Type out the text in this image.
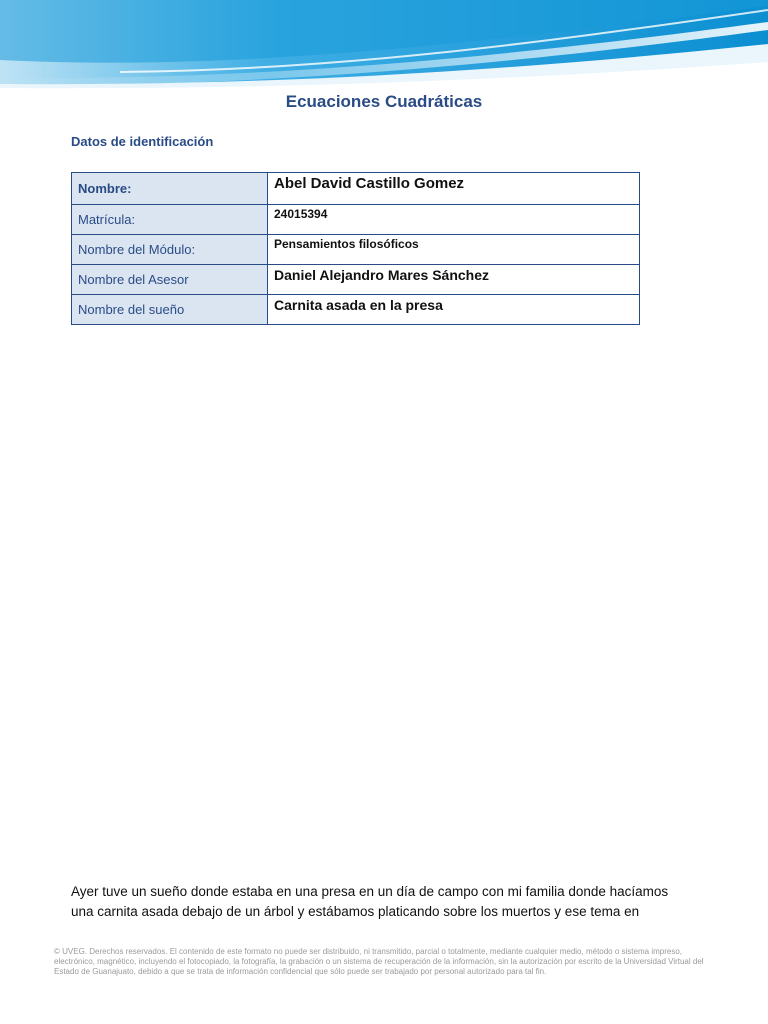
Ecuaciones Cuadráticas
Datos de identificación
Nombre:	Abel David Castillo Gomez
Matrícula:	24015394
Nombre del Módulo:	Pensamientos filosóficos
Nombre del Asesor	Daniel Alejandro Mares Sánchez
Nombre del sueño	Carnita asada en la presa
Ayer tuve un sueño donde estaba en una presa en un día de campo con mi familia donde hacíamos
una carnita asada debajo de un árbol y estábamos platicando sobre los muertos y ese tema en
© UVEG. Derechos reservados. El contenido de este formato no puede ser distribuido, ni transmitido, parcial o totalmente, mediante cualquier medio, método o sistema impreso, electrónico, magnético, incluyendo el fotocopiado, la fotografía, la grabación o un sistema de recuperación de la información, sin la autorización por escrito de la Universidad Virtual del Estado de Guanajuato, debido a que se trata de información confidencial que sólo puede ser trabajado por personal autorizado para tal fin.
